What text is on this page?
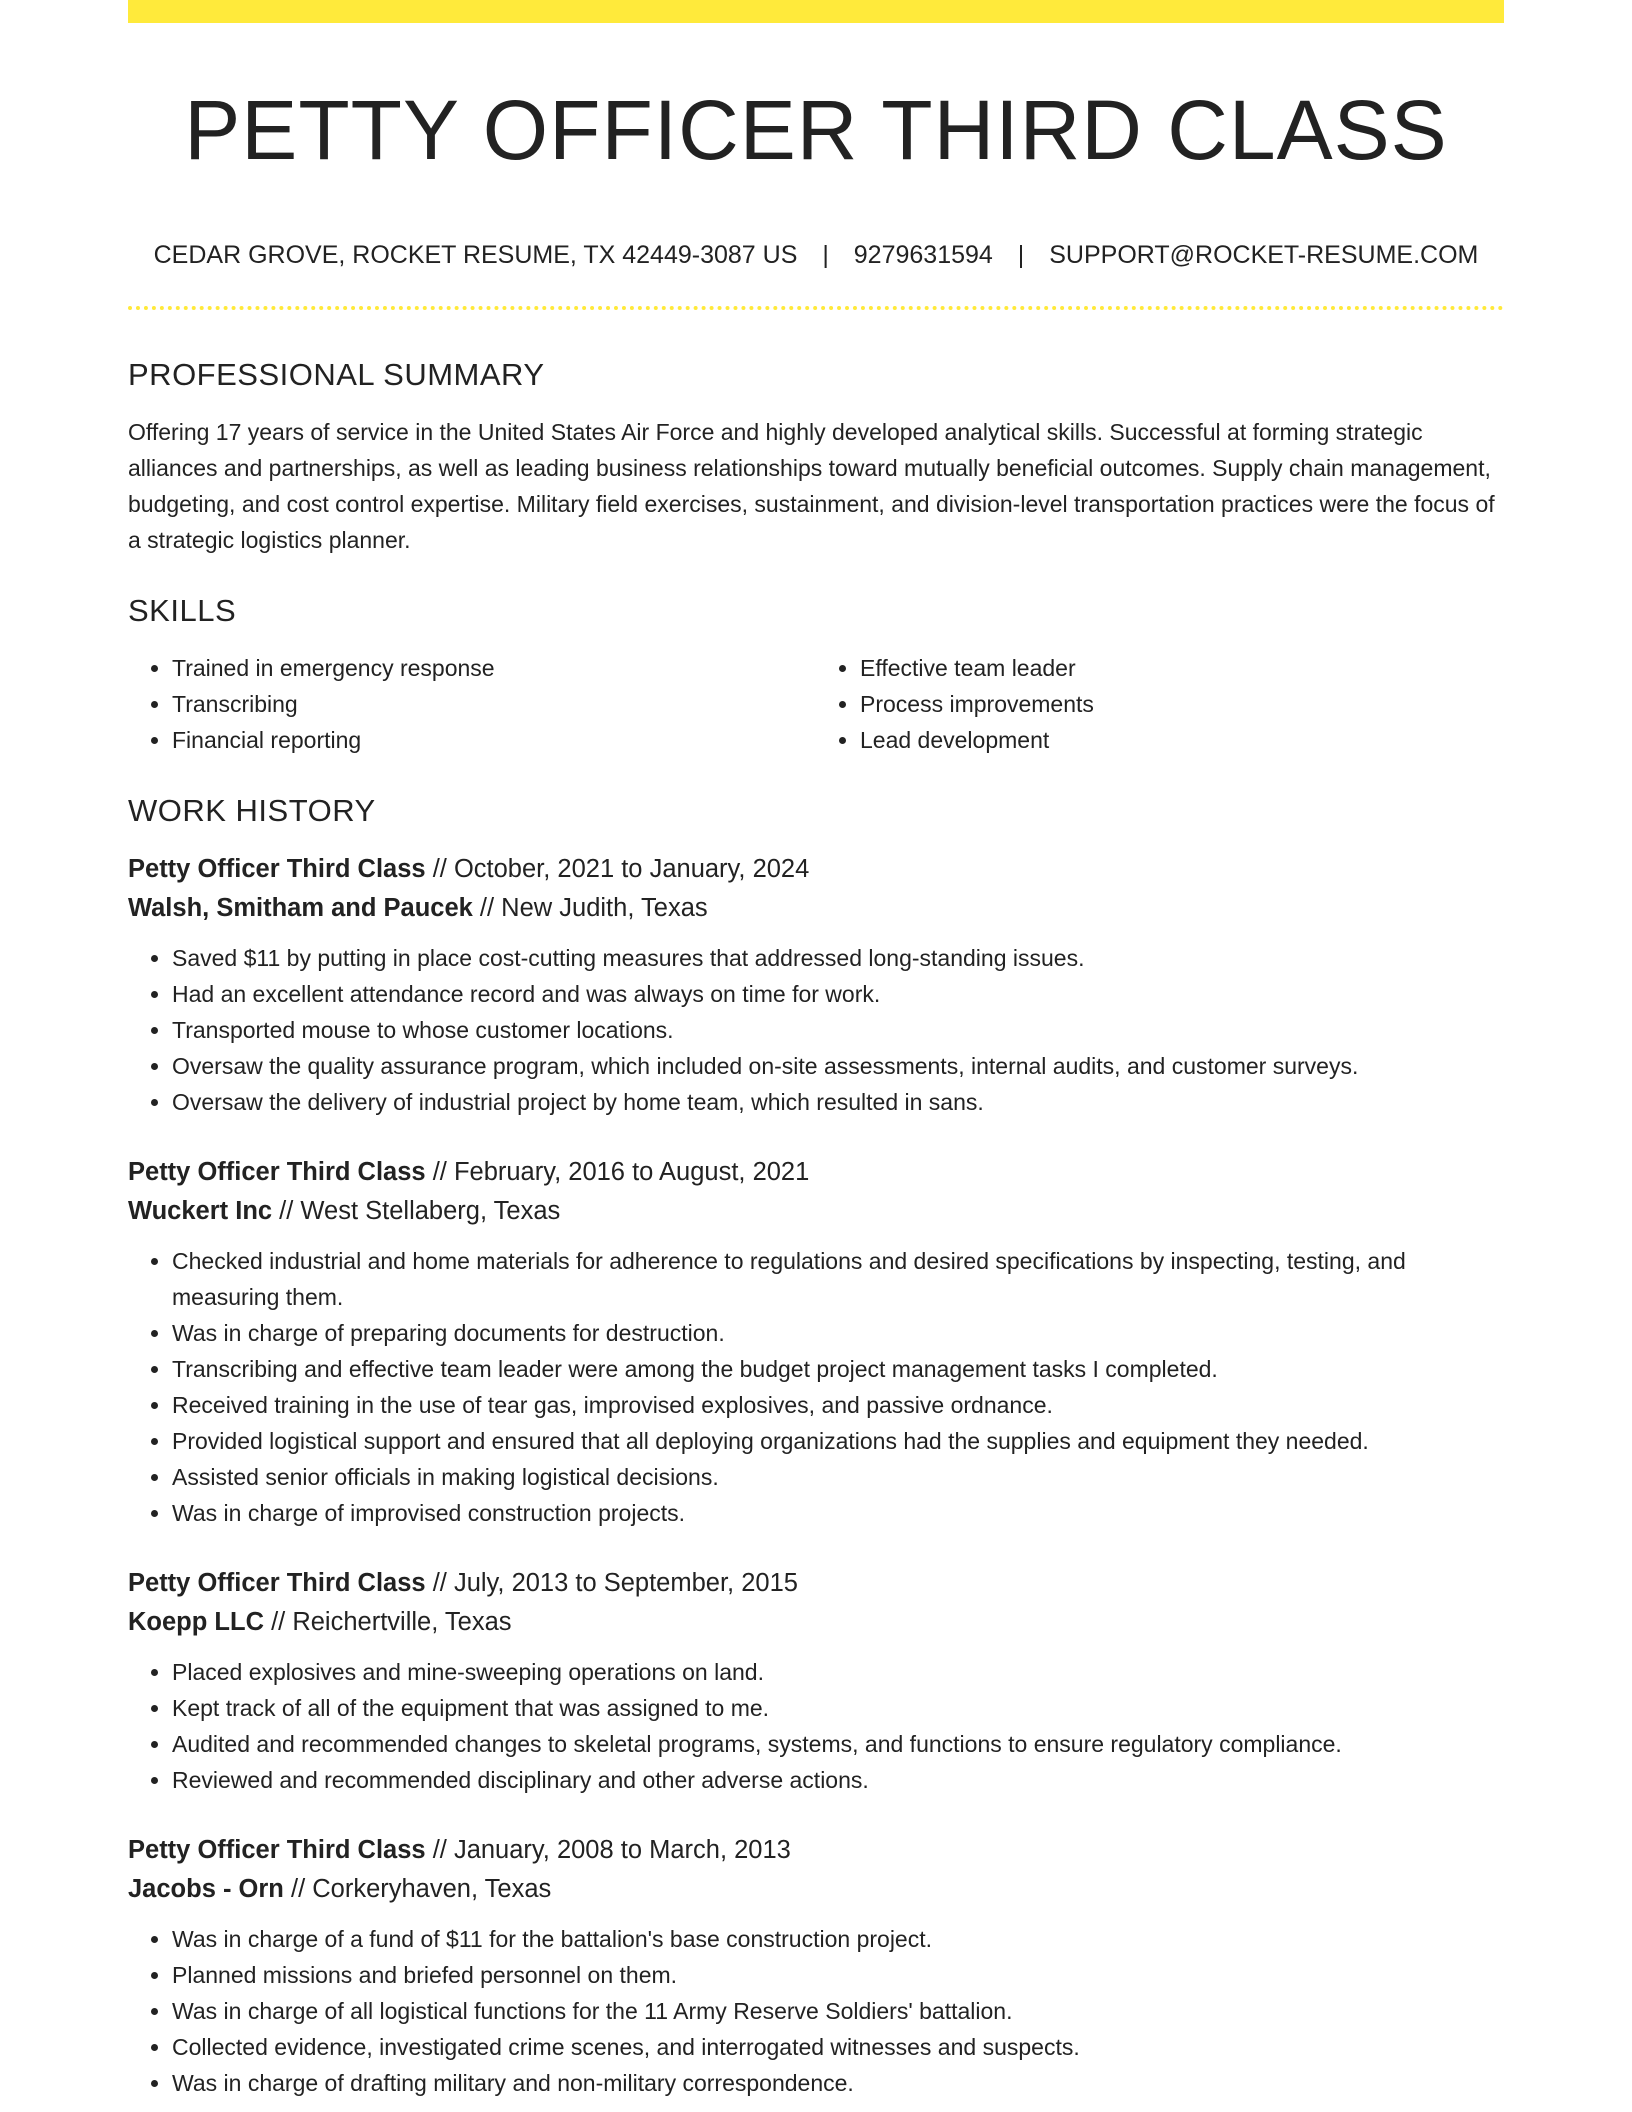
PETTY OFFICER THIRD CLASS
CEDAR GROVE, ROCKET RESUME, TX 42449-3087 US | 9279631594 | SUPPORT@ROCKET-RESUME.COM
PROFESSIONAL SUMMARY

Offering 17 years of service in the United States Air Force and highly developed analytical skills. Successful at forming strategic alliances and partnerships, as well as leading business relationships toward mutually beneficial outcomes. Supply chain management, budgeting, and cost control expertise. Military field exercises, sustainment, and division-level transportation practices were the focus of a strategic logistics planner.

SKILLS
• Trained in emergency response
• Transcribing
• Financial reporting
• Effective team leader
• Process improvements
• Lead development
WORK HISTORY
Petty Officer Third Class // October, 2021 to January, 2024
Walsh, Smitham and Paucek // New Judith, Texas
• Saved $11 by putting in place cost-cutting measures that addressed long-standing issues.
• Had an excellent attendance record and was always on time for work.
• Transported mouse to whose customer locations.
• Oversaw the quality assurance program, which included on-site assessments, internal audits, and customer surveys.
• Oversaw the delivery of industrial project by home team, which resulted in sans.
Petty Officer Third Class // February, 2016 to August, 2021
Wuckert Inc // West Stellaberg, Texas
• Checked industrial and home materials for adherence to regulations and desired specifications by inspecting, testing, and measuring them.
• Was in charge of preparing documents for destruction.
• Transcribing and effective team leader were among the budget project management tasks I completed.
• Received training in the use of tear gas, improvised explosives, and passive ordnance.
• Provided logistical support and ensured that all deploying organizations had the supplies and equipment they needed.
• Assisted senior officials in making logistical decisions.
• Was in charge of improvised construction projects.
Petty Officer Third Class // July, 2013 to September, 2015
Koepp LLC // Reichertville, Texas
• Placed explosives and mine-sweeping operations on land.
• Kept track of all of the equipment that was assigned to me.
• Audited and recommended changes to skeletal programs, systems, and functions to ensure regulatory compliance.
• Reviewed and recommended disciplinary and other adverse actions.
Petty Officer Third Class // January, 2008 to March, 2013
Jacobs - Orn // Corkeryhaven, Texas
• Was in charge of a fund of $11 for the battalion's base construction project.
• Planned missions and briefed personnel on them.
• Was in charge of all logistical functions for the 11 Army Reserve Soldiers' battalion.
• Collected evidence, investigated crime scenes, and interrogated witnesses and suspects.
• Was in charge of drafting military and non-military correspondence.
